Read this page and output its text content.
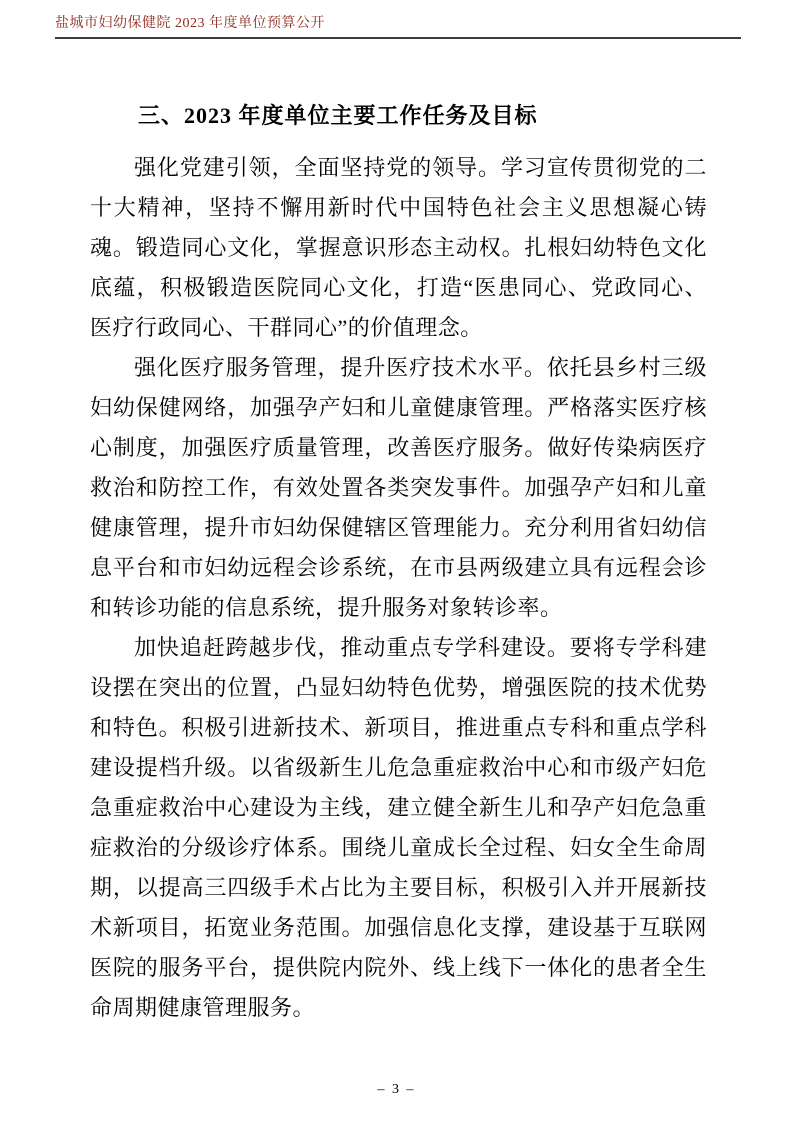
盐城市妇幼保健院 2023 年度单位预算公开
三、2023 年度单位主要工作任务及目标

强化党建引领，全面坚持党的领导。学习宣传贯彻党的二十大精神，坚持不懈用新时代中国特色社会主义思想凝心铸魂。锻造同心文化，掌握意识形态主动权。扎根妇幼特色文化底蕴，积极锻造医院同心文化，打造“医患同心、党政同心、医疗行政同心、干群同心”的价值理念。

强化医疗服务管理，提升医疗技术水平。依托县乡村三级妇幼保健网络，加强孕产妇和儿童健康管理。严格落实医疗核心制度，加强医疗质量管理，改善医疗服务。做好传染病医疗救治和防控工作，有效处置各类突发事件。加强孕产妇和儿童健康管理，提升市妇幼保健辖区管理能力。充分利用省妇幼信息平台和市妇幼远程会诊系统，在市县两级建立具有远程会诊和转诊功能的信息系统，提升服务对象转诊率。

加快追赶跨越步伐，推动重点专学科建设。要将专学科建设摆在突出的位置，凸显妇幼特色优势，增强医院的技术优势和特色。积极引进新技术、新项目，推进重点专科和重点学科建设提档升级。以省级新生儿危急重症救治中心和市级产妇危急重症救治中心建设为主线，建立健全新生儿和孕产妇危急重症救治的分级诊疗体系。围绕儿童成长全过程、妇女全生命周期，以提高三四级手术占比为主要目标，积极引入并开展新技术新项目，拓宽业务范围。加强信息化支撑，建设基于互联网医院的服务平台，提供院内院外、线上线下一体化的患者全生命周期健康管理服务。

– 3 –
